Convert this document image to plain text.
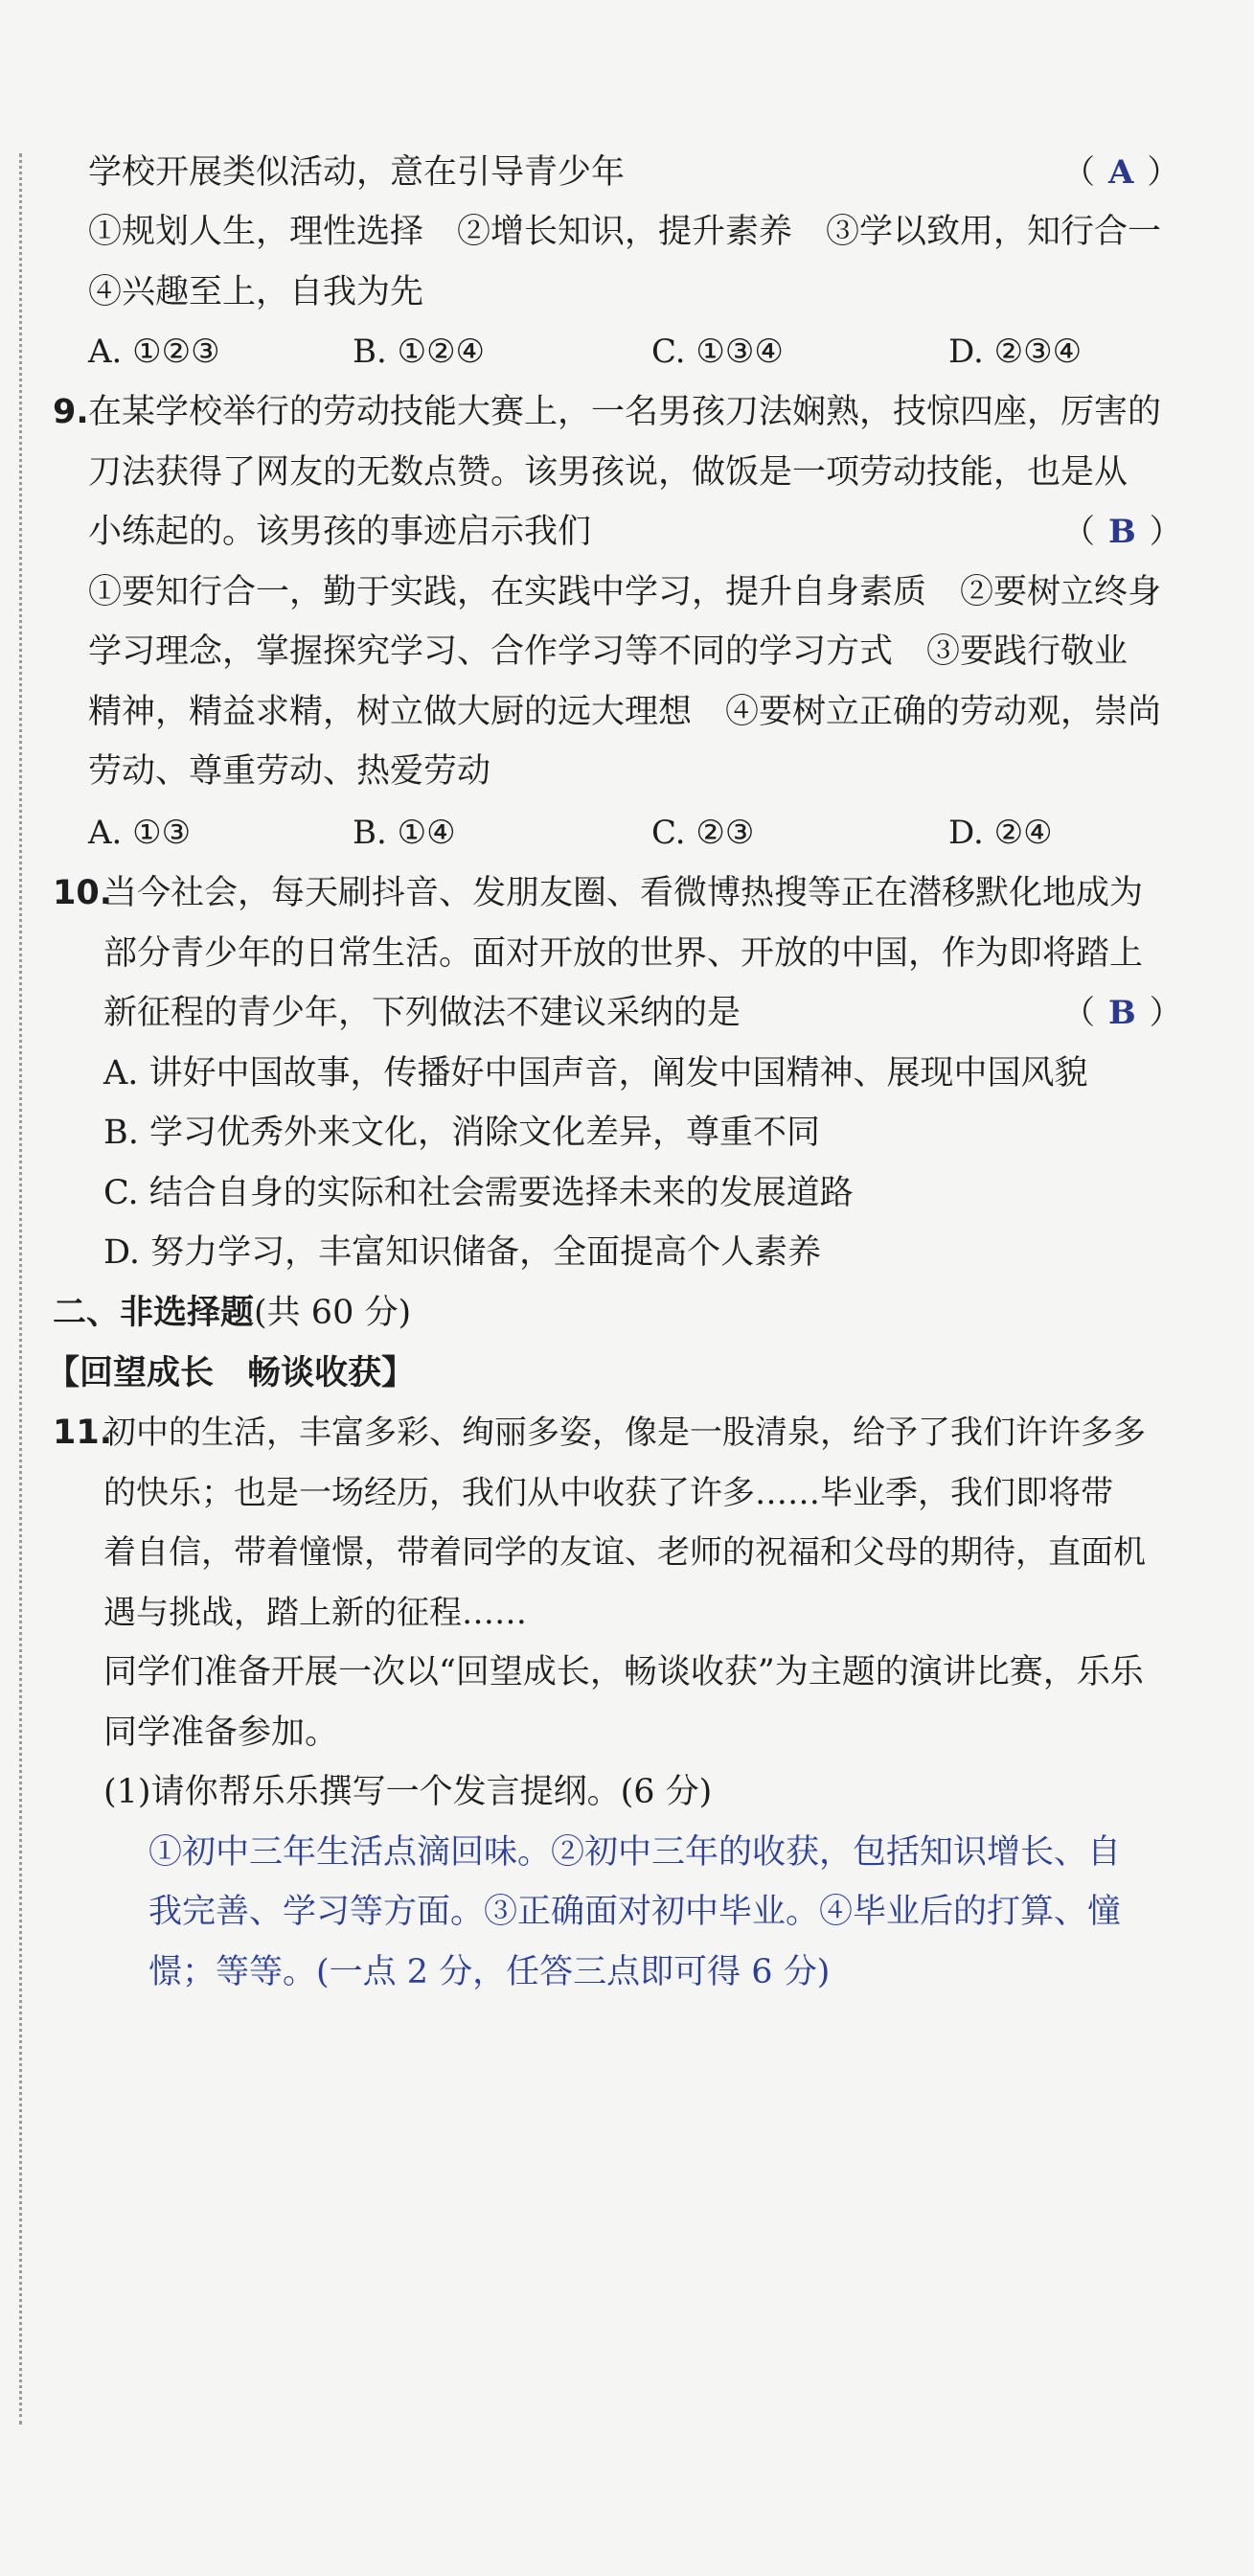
学校开展类似活动，意在引导青少年	（ A ）
①规划人生，理性选择　②增长知识，提升素养　③学以致用，知行合一
④兴趣至上，自我为先
A. ①②③	B. ①②④	C. ①③④	D. ②③④
9. 在某学校举行的劳动技能大赛上，一名男孩刀法娴熟，技惊四座，厉害的
刀法获得了网友的无数点赞。该男孩说，做饭是一项劳动技能，也是从
小练起的。该男孩的事迹启示我们	（ B ）
①要知行合一，勤于实践，在实践中学习，提升自身素质　②要树立终身
学习理念，掌握探究学习、合作学习等不同的学习方式　③要践行敬业
精神，精益求精，树立做大厨的远大理想　④要树立正确的劳动观，崇尚
劳动、尊重劳动、热爱劳动
A. ①③	B. ①④	C. ②③	D. ②④
10.
当今社会，每天刷抖音、发朋友圈、看微博热搜等正在潜移默化地成为
部分青少年的日常生活。面对开放的世界、开放的中国，作为即将踏上
新征程的青少年，下列做法不建议采纳的是	（ B ）
A. 讲好中国故事，传播好中国声音，阐发中国精神、展现中国风貌
B. 学习优秀外来文化，消除文化差异，尊重不同
C. 结合自身的实际和社会需要选择未来的发展道路
D. 努力学习，丰富知识储备，全面提高个人素养
二、非选择题(共 60 分)
【回望成长　畅谈收获】
11.
初中的生活，丰富多彩、绚丽多姿，像是一股清泉，给予了我们许许多多
的快乐；也是一场经历，我们从中收获了许多……毕业季，我们即将带
着自信，带着憧憬，带着同学的友谊、老师的祝福和父母的期待，直面机
遇与挑战，踏上新的征程……
同学们准备开展一次以“回望成长，畅谈收获”为主题的演讲比赛，乐乐
同学准备参加。
(1)请你帮乐乐撰写一个发言提纲。(6 分)
①初中三年生活点滴回味。②初中三年的收获，包括知识增长、自
我完善、学习等方面。③正确面对初中毕业。④毕业后的打算、憧
憬；等等。(一点 2 分，任答三点即可得 6 分)
